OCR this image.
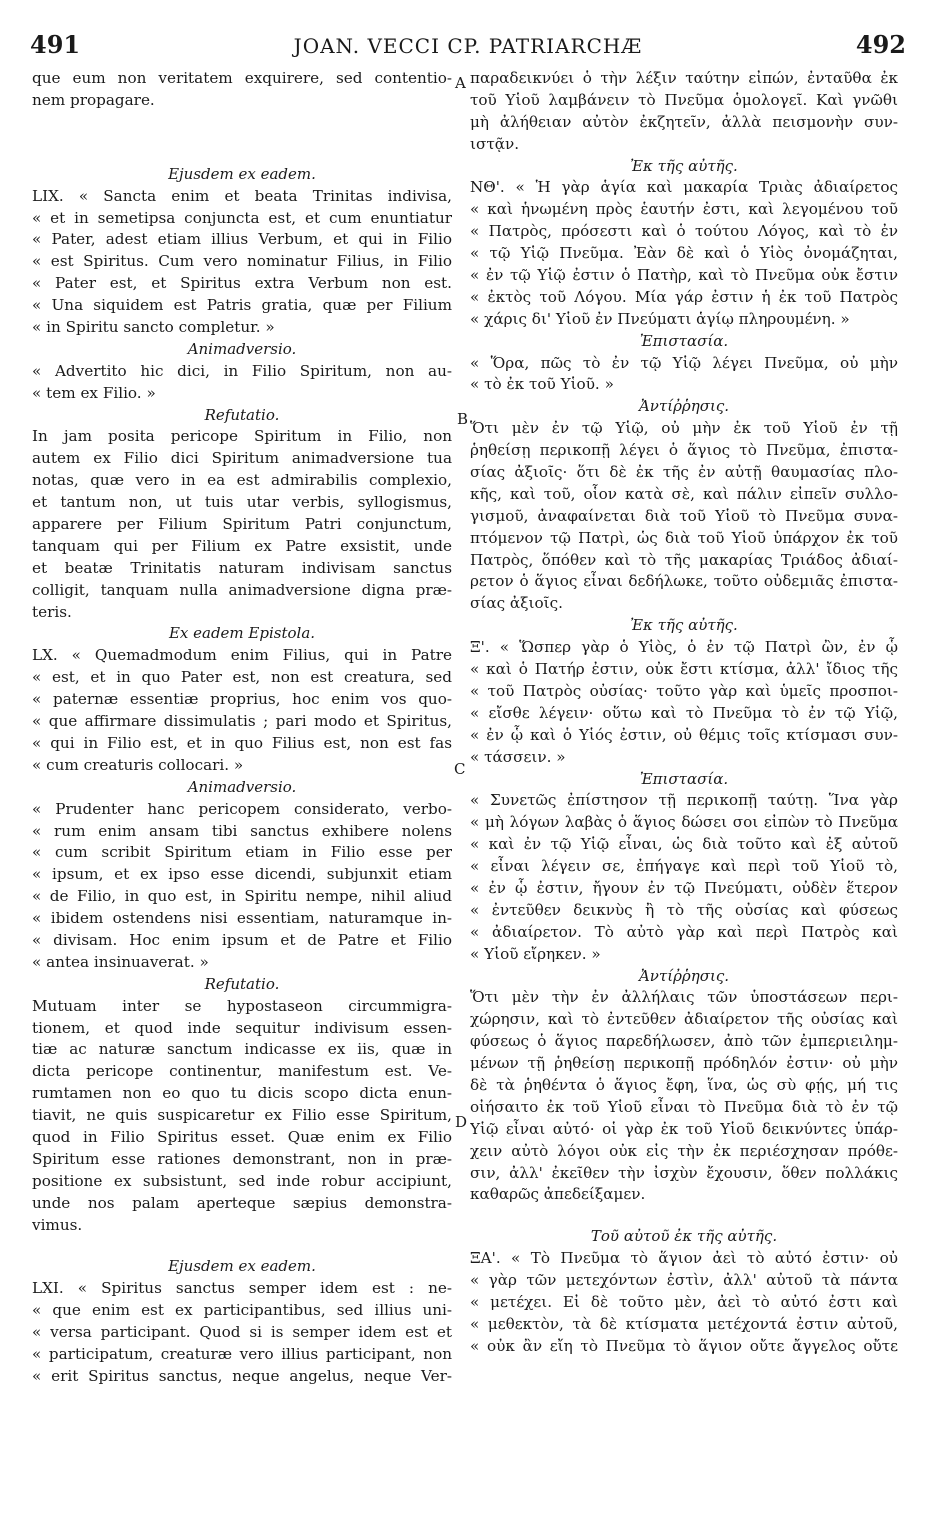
491	JOAN. VECCI CP. PATRIARCHÆ	492
A
B
C
D
que eum non veritatem exquirere, sed contentio-
nem propagare.
Ejusdem ex eadem.
LIX. « Sancta enim et beata Trinitas indivisa,
« et in semetipsa conjuncta est, et cum enuntiatur
« Pater, adest etiam illius Verbum, et qui in Filio
« est Spiritus. Cum vero nominatur Filius, in Filio
« Pater est, et Spiritus extra Verbum non est.
« Una siquidem est Patris gratia, quæ per Filium
« in Spiritu sancto completur. »
Animadversio.
« Advertito hic dici, in Filio Spiritum, non au-
« tem ex Filio. »
Refutatio.
In jam posita pericope Spiritum in Filio, non
autem ex Filio dici Spiritum animadversione tua
notas, quæ vero in ea est admirabilis complexio,
et tantum non, ut tuis utar verbis, syllogismus,
apparere per Filium Spiritum Patri conjunctum,
tanquam qui per Filium ex Patre exsistit, unde
et beatæ Trinitatis naturam indivisam sanctus
colligit, tanquam nulla animadversione digna præ-
teris.
Ex eadem Epistola.
LX. « Quemadmodum enim Filius, qui in Patre
« est, et in quo Pater est, non est creatura, sed
« paternæ essentiæ proprius, hoc enim vos quo-
« que affirmare dissimulatis ; pari modo et Spiritus,
« qui in Filio est, et in quo Filius est, non est fas
« cum creaturis collocari. »
Animadversio.
« Prudenter hanc pericopem considerato, verbo-
« rum enim ansam tibi sanctus exhibere nolens
« cum scribit Spiritum etiam in Filio esse per
« ipsum, et ex ipso esse dicendi, subjunxit etiam
« de Filio, in quo est, in Spiritu nempe, nihil aliud
« ibidem ostendens nisi essentiam, naturamque in-
« divisam. Hoc enim ipsum et de Patre et Filio
« antea insinuaverat. »
Refutatio.
Mutuam inter se hypostaseon circummigra-
tionem, et quod inde sequitur indivisum essen-
tiæ ac naturæ sanctum indicasse ex iis, quæ in
dicta pericope continentur, manifestum est. Ve-
rumtamen non eo quo tu dicis scopo dicta enun-
tiavit, ne quis suspicaretur ex Filio esse Spiritum,
quod in Filio Spiritus esset. Quæ enim ex Filio
Spiritum esse rationes demonstrant, non in præ-
positione ex subsistunt, sed inde robur accipiunt,
unde nos palam aperteque sæpius demonstra-
vimus.
Ejusdem ex eadem.
LXI. « Spiritus sanctus semper idem est : ne-
« que enim est ex participantibus, sed illius uni-
« versa participant. Quod si is semper idem est et
« participatum, creaturæ vero illius participant, non
« erit Spiritus sanctus, neque angelus, neque Ver-
παραδεικνύει ὁ τὴν λέξιν ταύτην εἰπών, ἐνταῦθα ἐκ
τοῦ Υἱοῦ λαμβάνειν τὸ Πνεῦμα ὁμολογεῖ. Καὶ γνῶθι
μὴ ἀλήθειαν αὐτὸν ἐκζητεῖν, ἀλλὰ πεισμονὴν συν-
ιστᾷν.
Ἐκ τῆς αὐτῆς.
ΝΘ'. « Ἡ γὰρ ἁγία καὶ μακαρία Τριὰς ἀδιαίρετος
« καὶ ἡνωμένη πρὸς ἑαυτήν ἐστι, καὶ λεγομένου τοῦ
« Πατρὸς, πρόσεστι καὶ ὁ τούτου Λόγος, καὶ τὸ ἐν
« τῷ Υἱῷ Πνεῦμα. Ἐὰν δὲ καὶ ὁ Υἱὸς ὀνομάζηται,
« ἐν τῷ Υἱῷ ἐστιν ὁ Πατὴρ, καὶ τὸ Πνεῦμα οὐκ ἔστιν
« ἐκτὸς τοῦ Λόγου. Μία γάρ ἐστιν ἡ ἐκ τοῦ Πατρὸς
« χάρις δι' Υἱοῦ ἐν Πνεύματι ἁγίῳ πληρουμένη. »
Ἐπιστασία.
« Ὅρα, πῶς τὸ ἐν τῷ Υἱῷ λέγει Πνεῦμα, οὐ μὴν
« τὸ ἐκ τοῦ Υἱοῦ. »
Ἀντίῤῥησις.
Ὅτι μὲν ἐν τῷ Υἱῷ, οὐ μὴν ἐκ τοῦ Υἱοῦ ἐν τῇ
ῥηθείσῃ περικοπῇ λέγει ὁ ἅγιος τὸ Πνεῦμα, ἐπιστα-
σίας ἀξιοῖς· ὅτι δὲ ἐκ τῆς ἐν αὐτῇ θαυμασίας πλο-
κῆς, καὶ τοῦ, οἷον κατὰ σὲ, καὶ πάλιν εἰπεῖν συλλο-
γισμοῦ, ἀναφαίνεται διὰ τοῦ Υἱοῦ τὸ Πνεῦμα συνα-
πτόμενον τῷ Πατρὶ, ὡς διὰ τοῦ Υἱοῦ ὑπάρχον ἐκ τοῦ
Πατρὸς, ὅπόθεν καὶ τὸ τῆς μακαρίας Τριάδος ἀδιαί-
ρετον ὁ ἅγιος εἶναι δεδήλωκε, τοῦτο οὐδεμιᾶς ἐπιστα-
σίας ἀξιοῖς.
Ἐκ τῆς αὐτῆς.
Ξ'. « Ὥσπερ γὰρ ὁ Υἱὸς, ὁ ἐν τῷ Πατρὶ ὢν, ἐν ᾧ
« καὶ ὁ Πατήρ ἐστιν, οὐκ ἔστι κτίσμα, ἀλλ' ἴδιος τῆς
« τοῦ Πατρὸς οὐσίας· τοῦτο γὰρ καὶ ὑμεῖς προσποι-
« εἴσθε λέγειν· οὕτω καὶ τὸ Πνεῦμα τὸ ἐν τῷ Υἱῷ,
« ἐν ᾧ καὶ ὁ Υἱός ἐστιν, οὐ θέμις τοῖς κτίσμασι συν-
« τάσσειν. »
Ἐπιστασία.
« Συνετῶς ἐπίστησον τῇ περικοπῇ ταύτῃ. Ἵνα γὰρ
« μὴ λόγων λαβὰς ὁ ἅγιος δώσει σοι εἰπὼν τὸ Πνεῦμα
« καὶ ἐν τῷ Υἱῷ εἶναι, ὡς διὰ τοῦτο καὶ ἐξ αὐτοῦ
« εἶναι λέγειν σε, ἐπήγαγε καὶ περὶ τοῦ Υἱοῦ τὸ,
« ἐν ᾧ ἐστιν, ἤγουν ἐν τῷ Πνεύματι, οὐδὲν ἕτερον
« ἐντεῦθεν δεικνὺς ἢ τὸ τῆς οὐσίας καὶ φύσεως
« ἀδιαίρετον. Τὸ αὐτὸ γὰρ καὶ περὶ Πατρὸς καὶ
« Υἱοῦ εἴρηκεν. »
Ἀντίῤῥησις.
Ὅτι μὲν τὴν ἐν ἀλλήλαις τῶν ὑποστάσεων περι-
χώρησιν, καὶ τὸ ἐντεῦθεν ἀδιαίρετον τῆς οὐσίας καὶ
φύσεως ὁ ἅγιος παρεδήλωσεν, ἀπὸ τῶν ἐμπεριειλημ-
μένων τῇ ῥηθείσῃ περικοπῇ πρόδηλόν ἐστιν· οὐ μὴν
δὲ τὰ ῥηθέντα ὁ ἅγιος ἔφη, ἵνα, ὡς σὺ φῄς, μή τις
οἰήσαιτο ἐκ τοῦ Υἱοῦ εἶναι τὸ Πνεῦμα διὰ τὸ ἐν τῷ
Υἱῷ εἶναι αὐτό· οἱ γὰρ ἐκ τοῦ Υἱοῦ δεικνύντες ὑπάρ-
χειν αὐτὸ λόγοι οὐκ εἰς τὴν ἐκ περιέσχησαν πρόθε-
σιν, ἀλλ' ἐκεῖθεν τὴν ἰσχὺν ἔχουσιν, ὅθεν πολλάκις
καθαρῶς ἀπεδείξαμεν.
Τοῦ αὐτοῦ ἐκ τῆς αὐτῆς.
ΞΑ'. « Τὸ Πνεῦμα τὸ ἅγιον ἀεὶ τὸ αὐτό ἐστιν· οὐ
« γὰρ τῶν μετεχόντων ἐστὶν, ἀλλ' αὐτοῦ τὰ πάντα
« μετέχει. Εἰ δὲ τοῦτο μὲν, ἀεὶ τὸ αὐτό ἐστι καὶ
« μεθεκτὸν, τὰ δὲ κτίσματα μετέχοντά ἐστιν αὐτοῦ,
« οὐκ ἂν εἴη τὸ Πνεῦμα τὸ ἅγιον οὔτε ἄγγελος οὔτε
